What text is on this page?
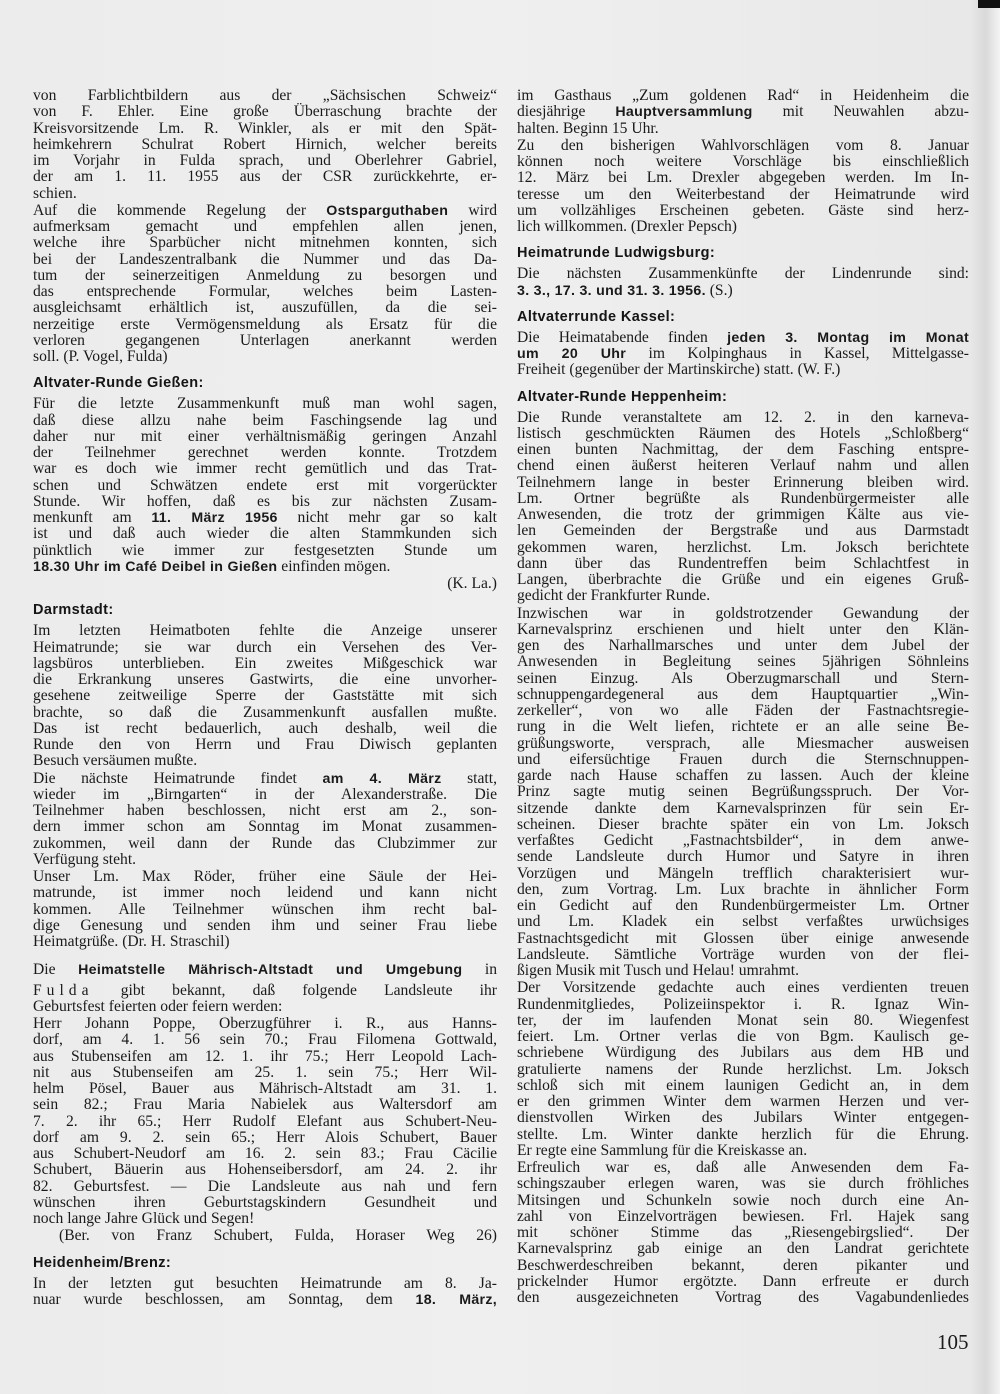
von Farblichtbildern aus der „Sächsischen Schweiz“
von F. Ehler. Eine große Überraschung brachte der
Kreisvorsitzende Lm. R. Winkler, als er mit den Spät-
heimkehrern Schulrat Robert Hirnich, welcher bereits
im Vorjahr in Fulda sprach, und Oberlehrer Gabriel,
der am 1. 11. 1955 aus der CSR zurückkehrte, er-
schien.
Auf die kommende Regelung der Ostsparguthaben wird
aufmerksam gemacht und empfehlen allen jenen,
welche ihre Sparbücher nicht mitnehmen konnten, sich
bei der Landeszentralbank die Nummer und das Da-
tum der seinerzeitigen Anmeldung zu besorgen und
das entsprechende Formular, welches beim Lasten-
ausgleichsamt erhältlich ist, auszufüllen, da die sei-
nerzeitige erste Vermögensmeldung als Ersatz für die
verloren gegangenen Unterlagen anerkannt werden
soll. (P. Vogel, Fulda)
Altvater-Runde Gießen:
Für die letzte Zusammenkunft muß man wohl sagen,
daß diese allzu nahe beim Faschingsende lag und
daher nur mit einer verhältnismäßig geringen Anzahl
der Teilnehmer gerechnet werden konnte. Trotzdem
war es doch wie immer recht gemütlich und das Trat-
schen und Schwätzen endete erst mit vorgerückter
Stunde. Wir hoffen, daß es bis zur nächsten Zusam-
menkunft am 11. März 1956 nicht mehr gar so kalt
ist und daß auch wieder die alten Stammkunden sich
pünktlich wie immer zur festgesetzten Stunde um
18.30 Uhr im Café Deibel in Gießen einfinden mögen.
(K. La.)
Darmstadt:
Im letzten Heimatboten fehlte die Anzeige unserer
Heimatrunde; sie war durch ein Versehen des Ver-
lagsbüros unterblieben. Ein zweites Mißgeschick war
die Erkrankung unseres Gastwirts, die eine unvorher-
gesehene zeitweilige Sperre der Gaststätte mit sich
brachte, so daß die Zusammenkunft ausfallen mußte.
Das ist recht bedauerlich, auch deshalb, weil die
Runde den von Herrn und Frau Diwisch geplanten
Besuch versäumen mußte.
Die nächste Heimatrunde findet am 4. März statt,
wieder im „Birngarten“ in der Alexanderstraße. Die
Teilnehmer haben beschlossen, nicht erst am 2., son-
dern immer schon am Sonntag im Monat zusammen-
zukommen, weil dann der Runde das Clubzimmer zur
Verfügung steht.
Unser Lm. Max Röder, früher eine Säule der Hei-
matrunde, ist immer noch leidend und kann nicht
kommen. Alle Teilnehmer wünschen ihm recht bal-
dige Genesung und senden ihm und seiner Frau liebe
Heimatgrüße. (Dr. H. Straschil)
Die Heimatstelle Mährisch-Altstadt und Umgebung in
Fulda gibt bekannt, daß folgende Landsleute ihr
Geburtsfest feierten oder feiern werden:
Herr Johann Poppe, Oberzugführer i. R., aus Hanns-
dorf, am 4. 1. 56 sein 70.; Frau Filomena Gottwald,
aus Stubenseifen am 12. 1. ihr 75.; Herr Leopold Lach-
nit aus Stubenseifen am 25. 1. sein 75.; Herr Wil-
helm Pösel, Bauer aus Mährisch-Altstadt am 31. 1.
sein 82.; Frau Maria Nabielek aus Waltersdorf am
7. 2. ihr 65.; Herr Rudolf Elefant aus Schubert-Neu-
dorf am 9. 2. sein 65.; Herr Alois Schubert, Bauer
aus Schubert-Neudorf am 16. 2. sein 83.; Frau Cäcilie
Schubert, Bäuerin aus Hohenseibersdorf, am 24. 2. ihr
82. Geburtsfest. — Die Landsleute aus nah und fern
wünschen ihren Geburtstagskindern Gesundheit und
noch lange Jahre Glück und Segen!
(Ber. von Franz Schubert, Fulda, Horaser Weg 26)
Heidenheim/Brenz:
In der letzten gut besuchten Heimatrunde am 8. Ja-
nuar wurde beschlossen, am Sonntag, dem 18. März,
im Gasthaus „Zum goldenen Rad“ in Heidenheim die
diesjährige Hauptversammlung mit Neuwahlen abzu-
halten. Beginn 15 Uhr.
Zu den bisherigen Wahlvorschlägen vom 8. Januar
können noch weitere Vorschläge bis einschließlich
12. März bei Lm. Drexler abgegeben werden. Im In-
teresse um den Weiterbestand der Heimatrunde wird
um vollzähliges Erscheinen gebeten. Gäste sind herz-
lich willkommen. (Drexler Pepsch)
Heimatrunde Ludwigsburg:
Die nächsten Zusammenkünfte der Lindenrunde sind:
3. 3., 17. 3. und 31. 3. 1956. (S.)
Altvaterrunde Kassel:
Die Heimatabende finden jeden 3. Montag im Monat
um 20 Uhr im Kolpinghaus in Kassel, Mittelgasse-
Freiheit (gegenüber der Martinskirche) statt. (W. F.)
Altvater-Runde Heppenheim:
Die Runde veranstaltete am 12. 2. in den karneva-
listisch geschmückten Räumen des Hotels „Schloßberg“
einen bunten Nachmittag, der dem Fasching entspre-
chend einen äußerst heiteren Verlauf nahm und allen
Teilnehmern lange in bester Erinnerung bleiben wird.
Lm. Ortner begrüßte als Rundenbürgermeister alle
Anwesenden, die trotz der grimmigen Kälte aus vie-
len Gemeinden der Bergstraße und aus Darmstadt
gekommen waren, herzlichst. Lm. Joksch berichtete
dann über das Rundentreffen beim Schlachtfest in
Langen, überbrachte die Grüße und ein eigenes Gruß-
gedicht der Frankfurter Runde.
Inzwischen war in goldstrotzender Gewandung der
Karnevalsprinz erschienen und hielt unter den Klän-
gen des Narhallmarsches und unter dem Jubel der
Anwesenden in Begleitung seines 5jährigen Söhnleins
seinen Einzug. Als Oberzugmarschall und Stern-
schnuppengardegeneral aus dem Hauptquartier „Win-
zerkeller“, von wo alle Fäden der Fastnachtsregie-
rung in die Welt liefen, richtete er an alle seine Be-
grüßungsworte, versprach, alle Miesmacher ausweisen
und eifersüchtige Frauen durch die Sternschnuppen-
garde nach Hause schaffen zu lassen. Auch der kleine
Prinz sagte mutig seinen Begrüßungsspruch. Der Vor-
sitzende dankte dem Karnevalsprinzen für sein Er-
scheinen. Dieser brachte später ein von Lm. Joksch
verfaßtes Gedicht „Fastnachtsbilder“, in dem anwe-
sende Landsleute durch Humor und Satyre in ihren
Vorzügen und Mängeln trefflich charakterisiert wur-
den, zum Vortrag. Lm. Lux brachte in ähnlicher Form
ein Gedicht auf den Rundenbürgermeister Lm. Ortner
und Lm. Kladek ein selbst verfaßtes urwüchsiges
Fastnachtsgedicht mit Glossen über einige anwesende
Landsleute. Sämtliche Vorträge wurden von der flei-
ßigen Musik mit Tusch und Helau! umrahmt.
Der Vorsitzende gedachte auch eines verdienten treuen
Rundenmitgliedes, Polizeiinspektor i. R. Ignaz Win-
ter, der im laufenden Monat sein 80. Wiegenfest
feiert. Lm. Ortner verlas die von Bgm. Kaulisch ge-
schriebene Würdigung des Jubilars aus dem HB und
gratulierte namens der Runde herzlichst. Lm. Joksch
schloß sich mit einem launigen Gedicht an, in dem
er den grimmen Winter dem warmen Herzen und ver-
dienstvollen Wirken des Jubilars Winter entgegen-
stellte. Lm. Winter dankte herzlich für die Ehrung.
Er regte eine Sammlung für die Kreiskasse an.
Erfreulich war es, daß alle Anwesenden dem Fa-
schingszauber erlegen waren, was sie durch fröhliches
Mitsingen und Schunkeln sowie noch durch eine An-
zahl von Einzelvorträgen bewiesen. Frl. Hajek sang
mit schöner Stimme das „Riesengebirgslied“. Der
Karnevalsprinz gab einige an den Landrat gerichtete
Beschwerdeschreiben bekannt, deren pikanter und
prickelnder Humor ergötzte. Dann erfreute er durch
den ausgezeichneten Vortrag des Vagabundenliedes
105
